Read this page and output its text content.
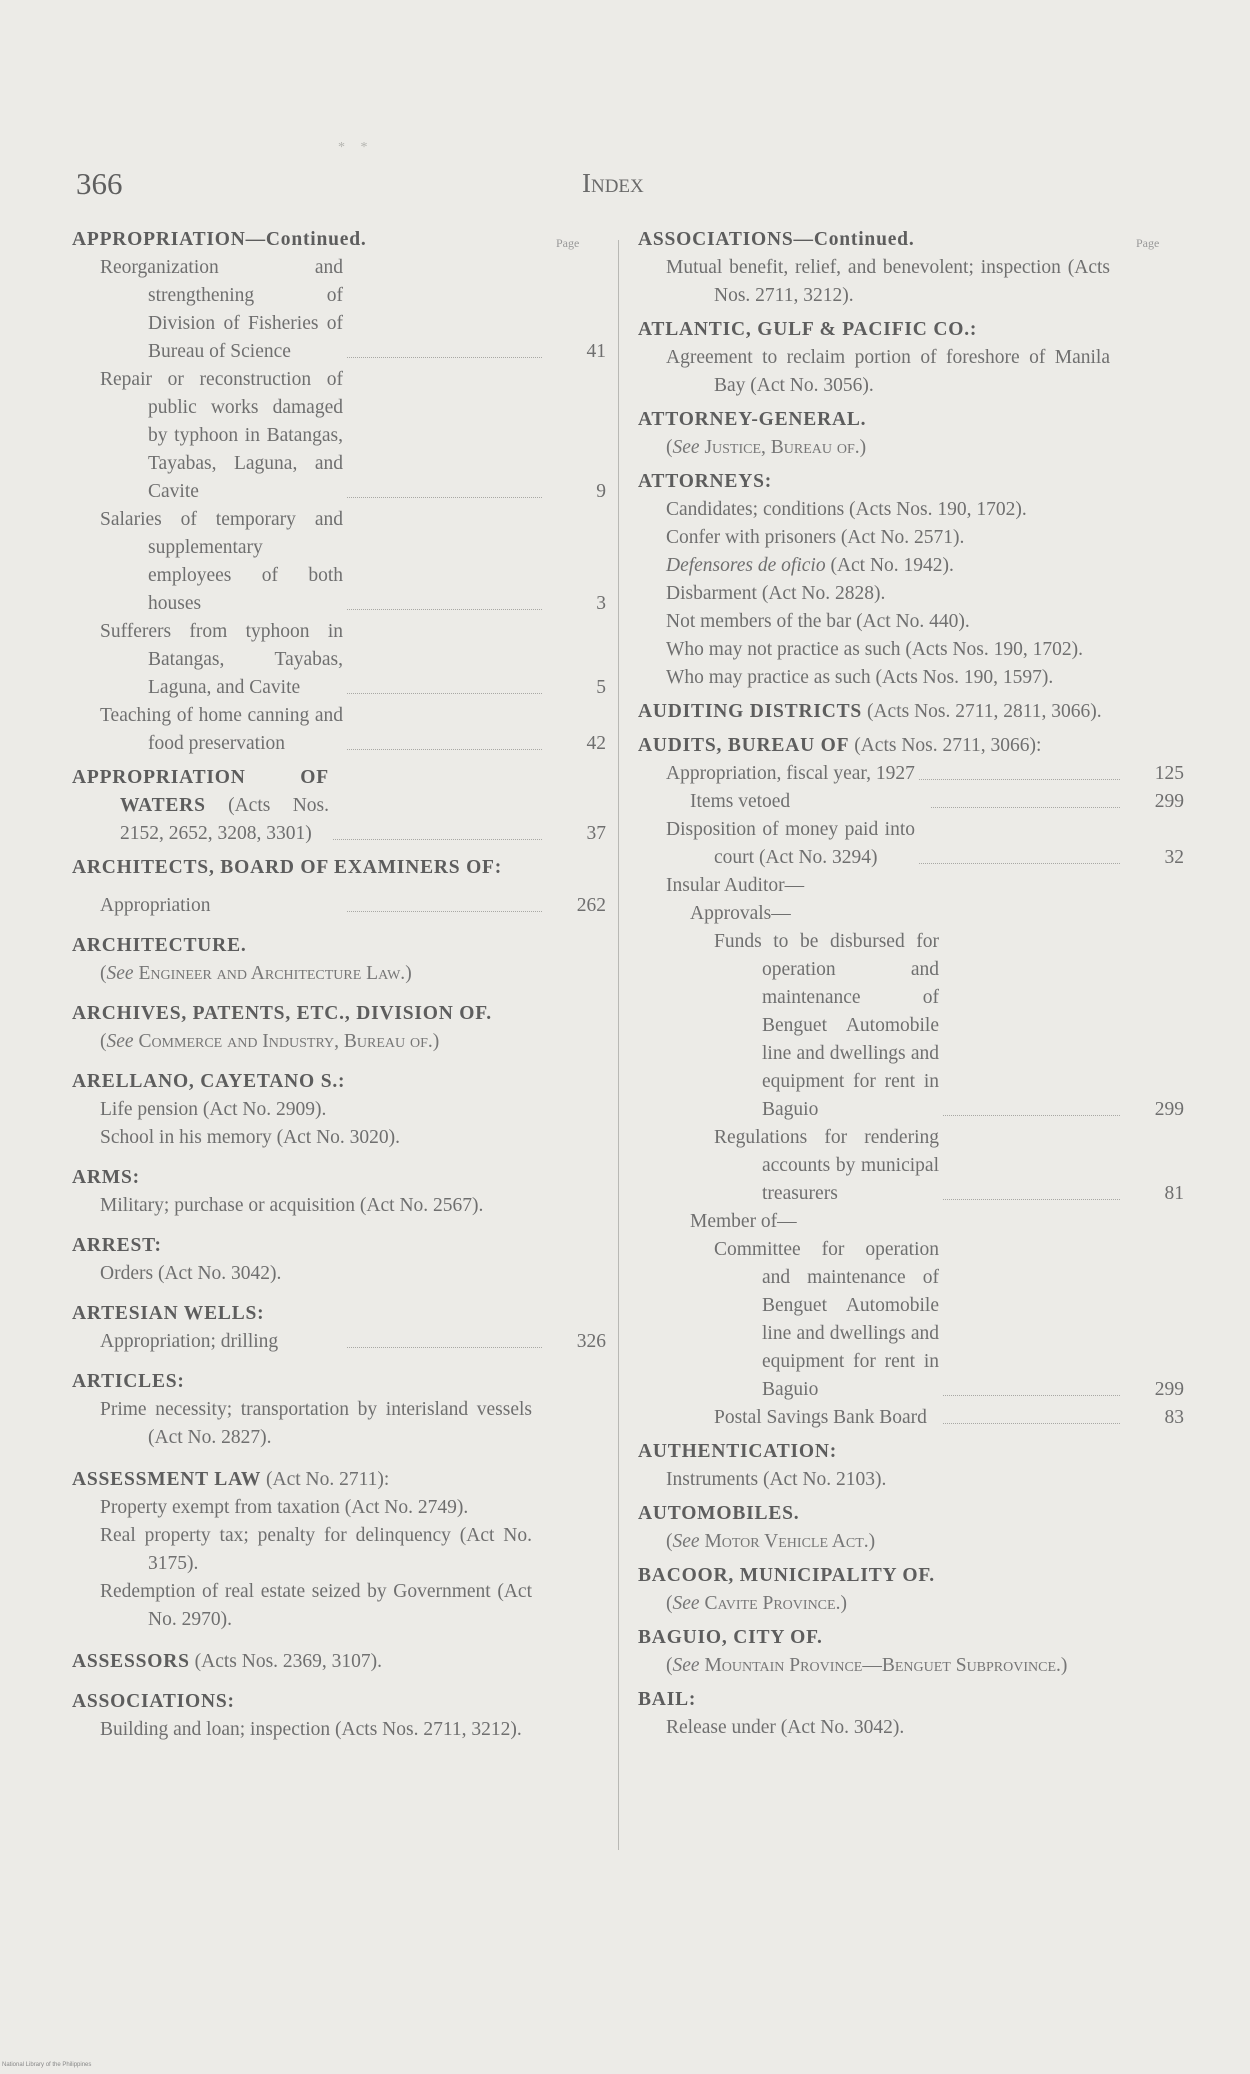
* *
366	Index
Page
APPROPRIATION—Continued.
Reorganization and strengthening of Division of Fisheries of Bureau of Science	41
Repair or reconstruction of public works damaged by typhoon in Batangas, Tayabas, Laguna, and Cavite	9
Salaries of temporary and supplementary employees of both houses	3
Sufferers from typhoon in Batangas, Tayabas, Laguna, and Cavite	5
Teaching of home canning and food preservation	42
APPROPRIATION OF WATERS (Acts Nos. 2152, 2652, 3208, 3301)	37
ARCHITECTS, BOARD OF EXAMINERS OF:
Appropriation	262
ARCHITECTURE.
(See Engineer and Architecture Law.)
ARCHIVES, PATENTS, ETC., DIVISION OF.
(See Commerce and Industry, Bureau of.)
ARELLANO, CAYETANO S.:
Life pension (Act No. 2909).
School in his memory (Act No. 3020).
ARMS:
Military; purchase or acquisition (Act No. 2567).
ARREST:
Orders (Act No. 3042).
ARTESIAN WELLS:
Appropriation; drilling	326
ARTICLES:
Prime necessity; transportation by interisland vessels (Act No. 2827).
ASSESSMENT LAW (Act No. 2711):
Property exempt from taxation (Act No. 2749).
Real property tax; penalty for delinquency (Act No. 3175).
Redemption of real estate seized by Government (Act No. 2970).
ASSESSORS (Acts Nos. 2369, 3107).
ASSOCIATIONS:
Building and loan; inspection (Acts Nos. 2711, 3212).
Page
ASSOCIATIONS—Continued.
Mutual benefit, relief, and benevolent; inspection (Acts Nos. 2711, 3212).
ATLANTIC, GULF & PACIFIC CO.:
Agreement to reclaim portion of foreshore of Manila Bay (Act No. 3056).
ATTORNEY-GENERAL.
(See Justice, Bureau of.)
ATTORNEYS:
Candidates; conditions (Acts Nos. 190, 1702).
Confer with prisoners (Act No. 2571).
Defensores de oficio (Act No. 1942).
Disbarment (Act No. 2828).
Not members of the bar (Act No. 440).
Who may not practice as such (Acts Nos. 190, 1702).
Who may practice as such (Acts Nos. 190, 1597).
AUDITING DISTRICTS (Acts Nos. 2711, 2811, 3066).
AUDITS, BUREAU OF (Acts Nos. 2711, 3066):
Appropriation, fiscal year, 1927	125
Items vetoed	299
Disposition of money paid into court (Act No. 3294)	32
Insular Auditor—
Approvals—
Funds to be disbursed for operation and maintenance of Benguet Automobile line and dwellings and equipment for rent in Baguio	299
Regulations for rendering accounts by municipal treasurers	81
Member of—
Committee for operation and maintenance of Benguet Automobile line and dwellings and equipment for rent in Baguio	299
Postal Savings Bank Board	83
AUTHENTICATION:
Instruments (Act No. 2103).
AUTOMOBILES.
(See Motor Vehicle Act.)
BACOOR, MUNICIPALITY OF.
(See Cavite Province.)
BAGUIO, CITY OF.
(See Mountain Province—Benguet Subprovince.)
BAIL:
Release under (Act No. 3042).
National Library of the Philippines
